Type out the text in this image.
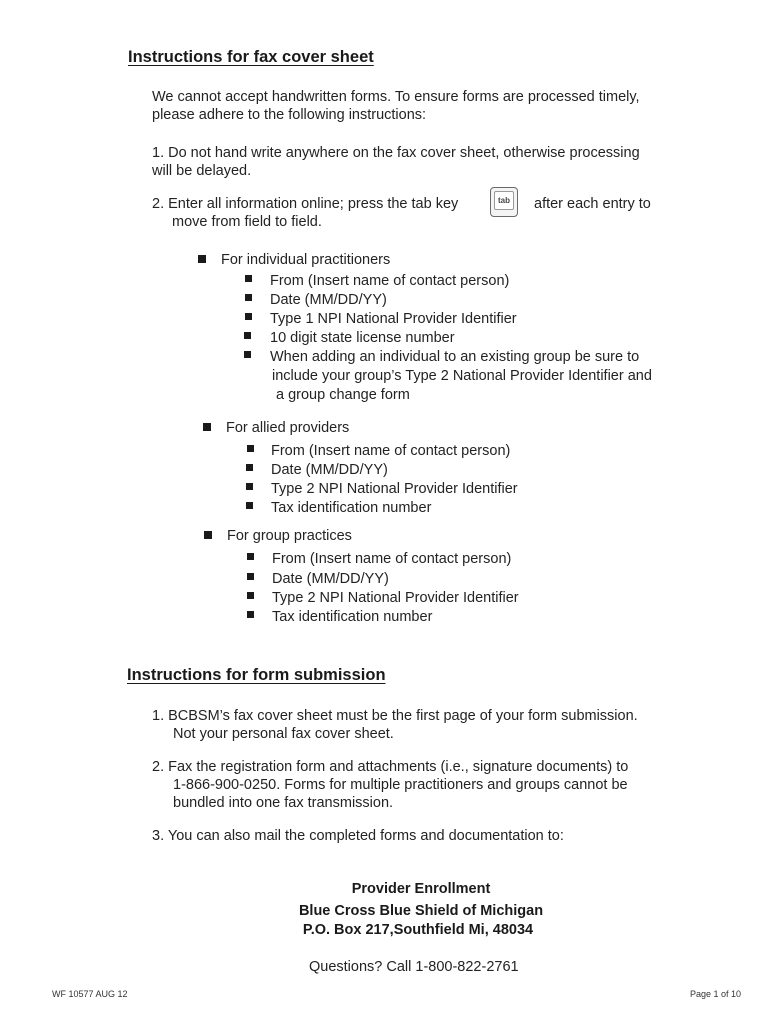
Instructions for fax cover sheet
We cannot accept handwritten forms. To ensure forms are processed timely,
please adhere to the following instructions:
1. Do not hand write anywhere on the fax cover sheet, otherwise processing
will be delayed.
2. Enter all information online; press the tab key	tab after each entry to
move from field to field.
For individual practitioners
From (Insert name of contact person)
Date (MM/DD/YY)
Type 1 NPI National Provider Identifier
10 digit state license number
When adding an individual to an existing group be sure to
include your group’s Type 2 National Provider Identifier and
a group change form
For allied providers
From (Insert name of contact person)
Date (MM/DD/YY)
Type 2 NPI National Provider Identifier
Tax identification number
For group practices
From (Insert name of contact person)
Date (MM/DD/YY)
Type 2 NPI National Provider Identifier
Tax identification number
Instructions for form submission
1. BCBSM’s fax cover sheet must be the first page of your form submission.
Not your personal fax cover sheet.
2. Fax the registration form and attachments (i.e., signature documents) to
1-866-900-0250. Forms for multiple practitioners and groups cannot be
bundled into one fax transmission.
3. You can also mail the completed forms and documentation to:
Provider Enrollment
Blue Cross Blue Shield of Michigan
P.O. Box 217,Southfield Mi, 48034
Questions? Call 1-800-822-2761
WF 10577 AUG 12	Page 1 of 10
